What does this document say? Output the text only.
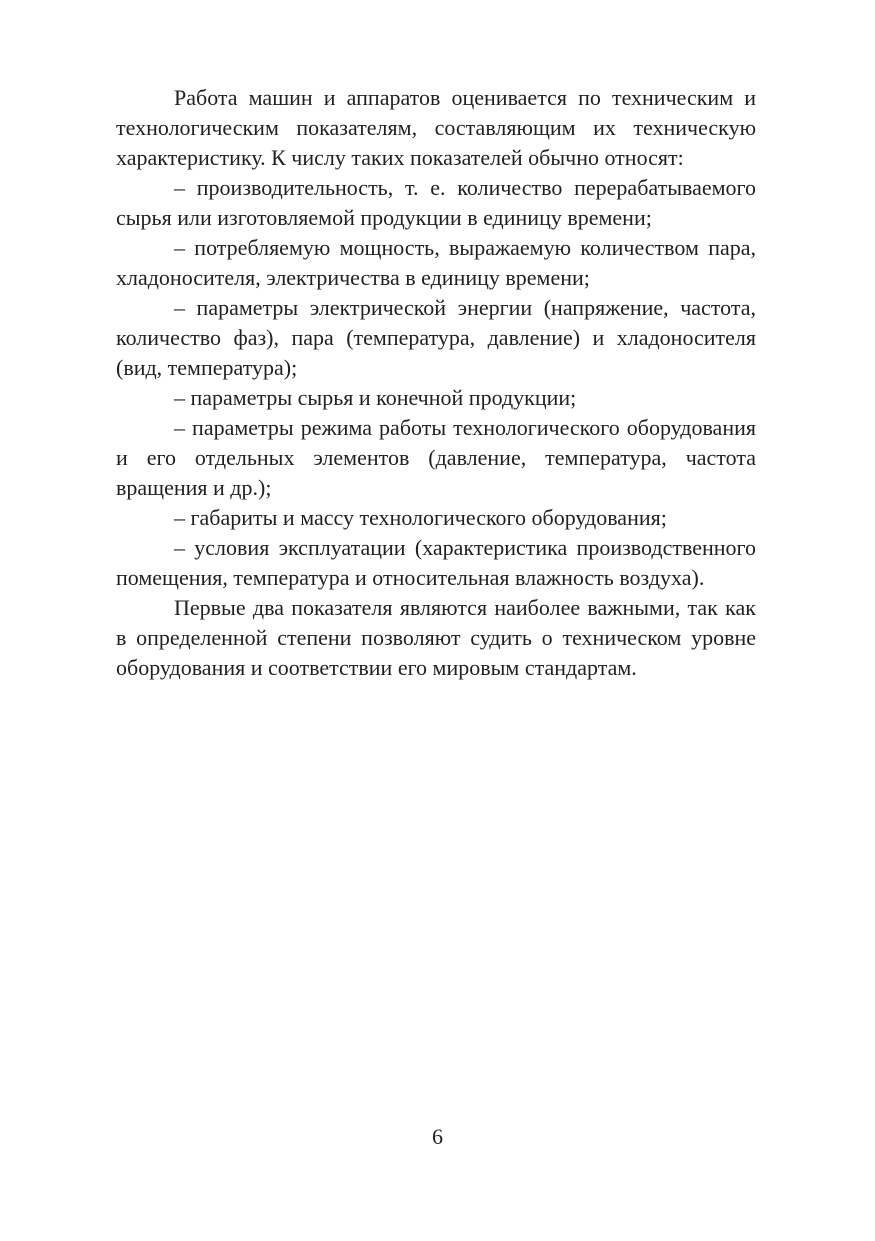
Работа машин и аппаратов оценивается по техническим и технологическим показателям, составляющим их техническую характеристику. К числу таких показателей обычно относят:

– производительность, т. е. количество перерабатываемого сырья или изготовляемой продукции в единицу времени;

– потребляемую мощность, выражаемую количеством пара, хладоносителя, электричества в единицу времени;

– параметры электрической энергии (напряжение, частота, количество фаз), пара (температура, давление) и хладоносителя (вид, температура);

– параметры сырья и конечной продукции;

– параметры режима работы технологического оборудования и его отдельных элементов (давление, температура, частота вращения и др.);

– габариты и массу технологического оборудования;

– условия эксплуатации (характеристика производственного помещения, температура и относительная влажность воздуха).

Первые два показателя являются наиболее важными, так как в определенной степени позволяют судить о техническом уровне оборудования и соответствии его мировым стандартам.

6
